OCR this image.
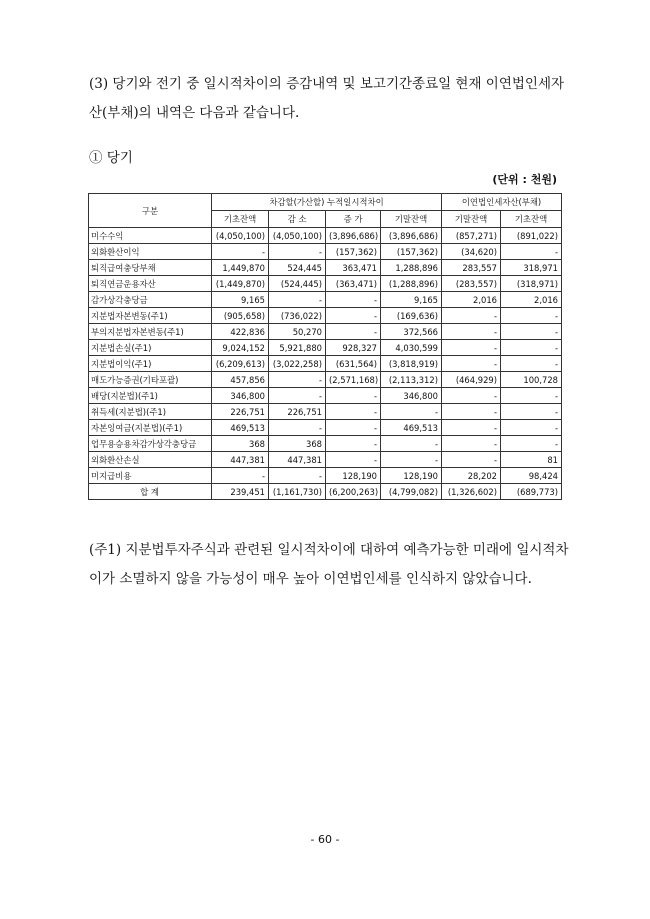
(3) 당기와 전기 중 일시적차이의 증감내역 및 보고기간종료일 현재 이연법인세자산(부채)의 내역은 다음과 같습니다.
① 당기
(단위 : 천원)
구분	차감할(가산할) 누적일시적차이				이연법인세자산(부채)	
	기초잔액	감 소	증 가	기말잔액	기말잔액	기초잔액
미수수익	(4,050,100)	(4,050,100)	(3,896,686)	(3,896,686)	(857,271)	(891,022)
외화환산이익	-	-	(157,362)	(157,362)	(34,620)	-
퇴직급여충당부채	1,449,870	524,445	363,471	1,288,896	283,557	318,971
퇴직연금운용자산	(1,449,870)	(524,445)	(363,471)	(1,288,896)	(283,557)	(318,971)
감가상각충당금	9,165	-	-	9,165	2,016	2,016
지분법자본변동(주1)	(905,658)	(736,022)	-	(169,636)	-	-
부의지분법자본변동(주1)	422,836	50,270	-	372,566	-	-
지분법손실(주1)	9,024,152	5,921,880	928,327	4,030,599	-	-
지분법이익(주1)	(6,209,613)	(3,022,258)	(631,564)	(3,818,919)	-	-
매도가능증권(기타포괄)	457,856	-	(2,571,168)	(2,113,312)	(464,929)	100,728
배당(지분법)(주1)	346,800	-	-	346,800	-	-
취득세(지분법)(주1)	226,751	226,751	-	-	-	-
자본잉여금(지분법)(주1)	469,513	-	-	469,513	-	-
업무용승용차감가상각충당금	368	368	-	-	-	-
외화환산손실	447,381	447,381	-	-	-	81
미지급비용	-	-	128,190	128,190	28,202	98,424
합 계	239,451	(1,161,730)	(6,200,263)	(4,799,082)	(1,326,602)	(689,773)
(주1) 지분법투자주식과 관련된 일시적차이에 대하여 예측가능한 미래에 일시적차이가 소멸하지 않을 가능성이 매우 높아 이연법인세를 인식하지 않았습니다.
- 60 -
